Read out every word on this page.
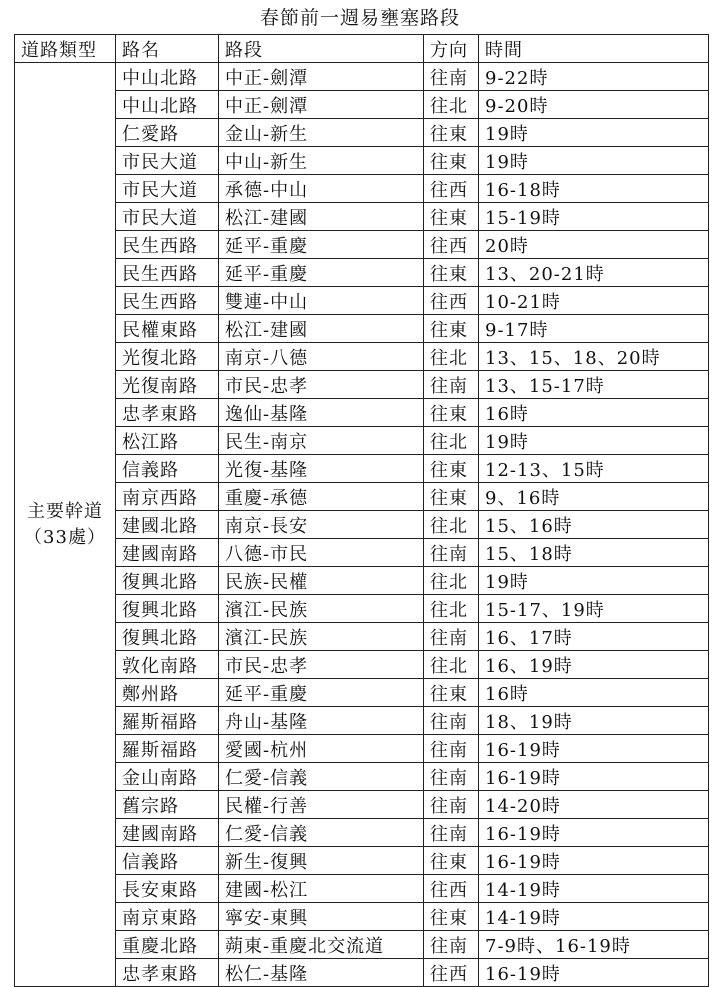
春節前一週易壅塞路段
道路類型	路名	路段	方向	時間

主要幹道
（33處）	中山北路	中正-劍潭	往南	9-22時
	中山北路	中正-劍潭	往北	9-20時
	仁愛路	金山-新生	往東	19時
	市民大道	中山-新生	往東	19時
	市民大道	承德-中山	往西	16-18時
	市民大道	松江-建國	往東	15-19時
	民生西路	延平-重慶	往西	20時
	民生西路	延平-重慶	往東	13、20-21時
	民生西路	雙連-中山	往西	10-21時
	民權東路	松江-建國	往東	9-17時
	光復北路	南京-八德	往北	13、15、18、20時
	光復南路	市民-忠孝	往南	13、15-17時
	忠孝東路	逸仙-基隆	往東	16時
	松江路	民生-南京	往北	19時
	信義路	光復-基隆	往東	12-13、15時
	南京西路	重慶-承德	往東	9、16時
	建國北路	南京-長安	往北	15、16時
	建國南路	八德-市民	往南	15、18時
	復興北路	民族-民權	往北	19時
	復興北路	濱江-民族	往北	15-17、19時
	復興北路	濱江-民族	往南	16、17時
	敦化南路	市民-忠孝	往北	16、19時
	鄭州路	延平-重慶	往東	16時
	羅斯福路	舟山-基隆	往南	18、19時
	羅斯福路	愛國-杭州	往南	16-19時
	金山南路	仁愛-信義	往南	16-19時
	舊宗路	民權-行善	往南	14-20時
	建國南路	仁愛-信義	往南	16-19時
	信義路	新生-復興	往東	16-19時
	長安東路	建國-松江	往西	14-19時
	南京東路	寧安-東興	往東	14-19時
	重慶北路	蒴東-重慶北交流道	往南	7-9時、16-19時
	忠孝東路	松仁-基隆	往西	16-19時
